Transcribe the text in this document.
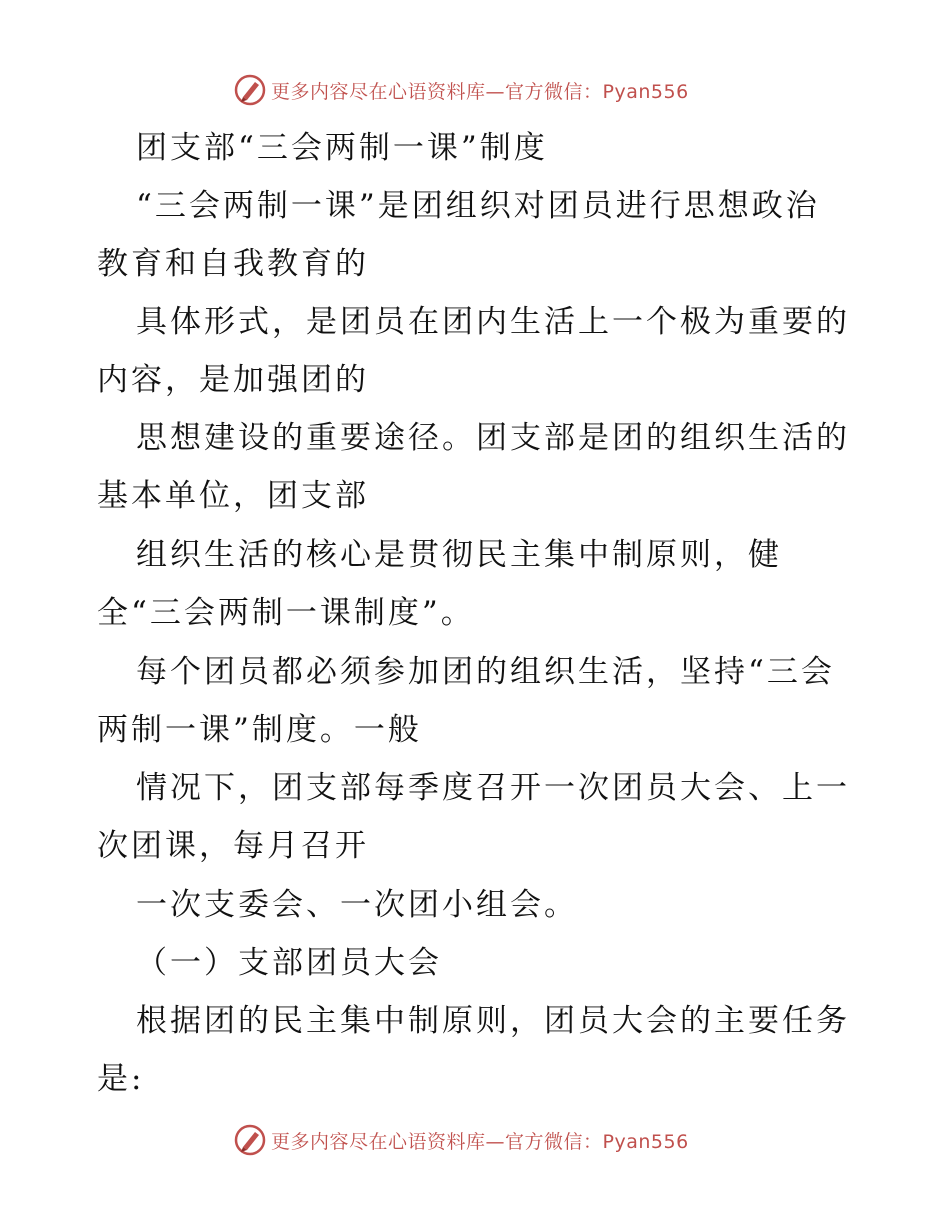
更多内容尽在心语资料库—官方微信：Pyan556
团支部“三会两制一课”制度
“三会两制一课”是团组织对团员进行思想政治
教育和自我教育的
具体形式，是团员在团内生活上一个极为重要的
内容，是加强团的
思想建设的重要途径。团支部是团的组织生活的
基本单位，团支部
组织生活的核心是贯彻民主集中制原则，健
全“三会两制一课制度”。
每个团员都必须参加团的组织生活，坚持“三会
两制一课”制度。一般
情况下，团支部每季度召开一次团员大会、上一
次团课，每月召开
一次支委会、一次团小组会。
（一）支部团员大会
根据团的民主集中制原则，团员大会的主要任务
是:
更多内容尽在心语资料库—官方微信：Pyan556
